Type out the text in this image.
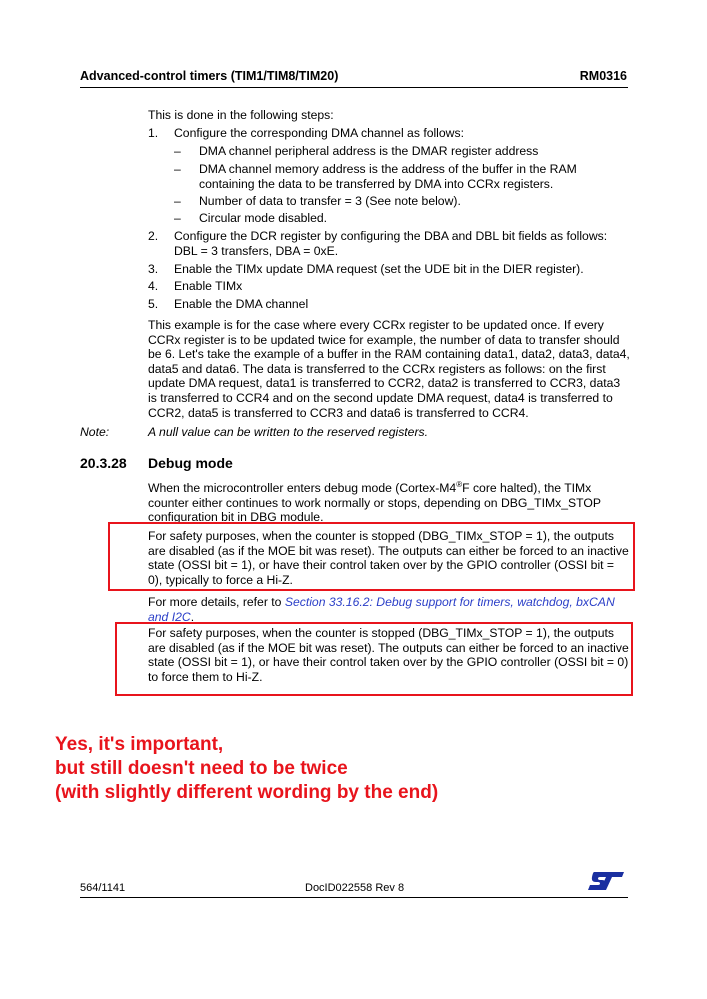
Advanced-control timers (TIM1/TIM8/TIM20)	RM0316
This is done in the following steps:
1. Configure the corresponding DMA channel as follows:
– DMA channel peripheral address is the DMAR register address
– DMA channel memory address is the address of the buffer in the RAM containing the data to be transferred by DMA into CCRx registers.
– Number of data to transfer = 3 (See note below).
– Circular mode disabled.
2. Configure the DCR register by configuring the DBA and DBL bit fields as follows: DBL = 3 transfers, DBA = 0xE.
3. Enable the TIMx update DMA request (set the UDE bit in the DIER register).
4. Enable TIMx
5. Enable the DMA channel
This example is for the case where every CCRx register to be updated once. If every CCRx register is to be updated twice for example, the number of data to transfer should be 6. Let's take the example of a buffer in the RAM containing data1, data2, data3, data4, data5 and data6. The data is transferred to the CCRx registers as follows: on the first update DMA request, data1 is transferred to CCR2, data2 is transferred to CCR3, data3 is transferred to CCR4 and on the second update DMA request, data4 is transferred to CCR2, data5 is transferred to CCR3 and data6 is transferred to CCR4.
Note:	A null value can be written to the reserved registers.
20.3.28 Debug mode
When the microcontroller enters debug mode (Cortex-M4®F core halted), the TIMx counter either continues to work normally or stops, depending on DBG_TIMx_STOP configuration bit in DBG module.
For safety purposes, when the counter is stopped (DBG_TIMx_STOP = 1), the outputs are disabled (as if the MOE bit was reset). The outputs can either be forced to an inactive state (OSSI bit = 1), or have their control taken over by the GPIO controller (OSSI bit = 0), typically to force a Hi-Z.
For more details, refer to Section 33.16.2: Debug support for timers, watchdog, bxCAN and I2C.
For safety purposes, when the counter is stopped (DBG_TIMx_STOP = 1), the outputs are disabled (as if the MOE bit was reset). The outputs can either be forced to an inactive state (OSSI bit = 1), or have their control taken over by the GPIO controller (OSSI bit = 0) to force them to Hi-Z.
Yes, it's important,
but still doesn't need to be twice
(with slightly different wording by the end)
564/1141	DocID022558 Rev 8
